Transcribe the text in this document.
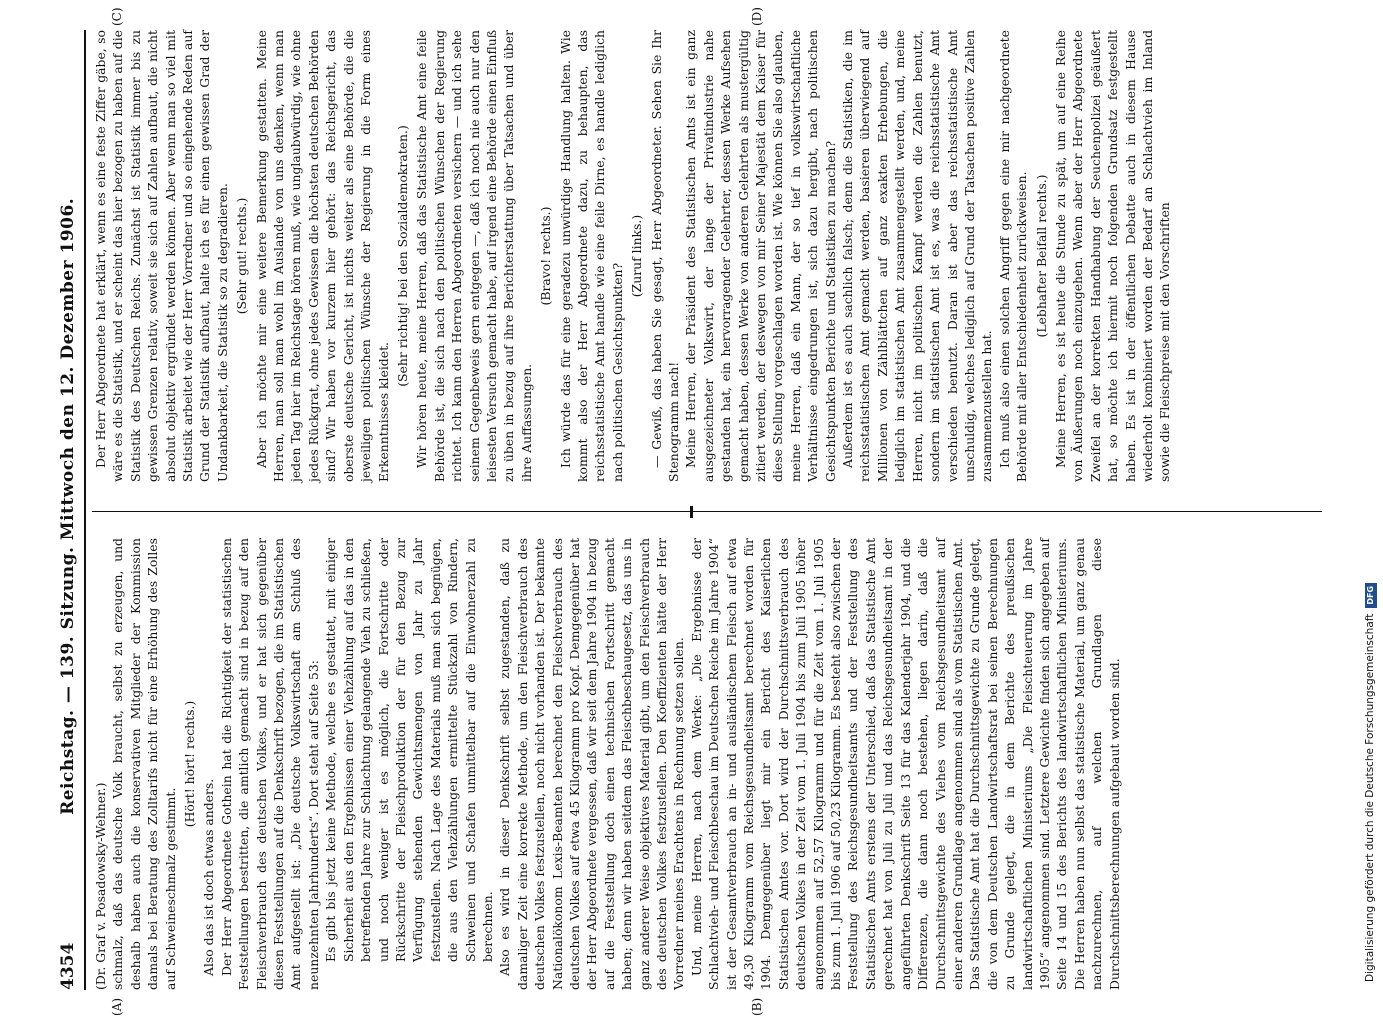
4354
Reichstag. — 139. Sitzung. Mittwoch den 12. Dezember 1906.
(A)	(B)
(C)	(D)

(Dr. Graf v. Posadowsky-Wehner.) schmalz, daß das deutsche Volk braucht, selbst zu erzeugen, und deshalb haben auch die konservativen Mitglieder der Kommission damals bei Beratung des Zolltarifs nicht für eine Erhöhung des Zolles auf Schweineschmalz gestimmt.

(Hört! hört! rechts.)

Also das ist doch etwas anders. Der Herr Abgeordnete Gothein hat die Richtigkeit der statistischen Feststellungen bestritten, die amtlich gemacht sind in bezug auf den Fleischverbrauch des deutschen Volkes, und er hat sich gegenüber diesen Feststellungen auf die Denkschrift bezogen, die im Statistischen Amt aufgestellt ist: „Die deutsche Volkswirtschaft am Schluß des neunzehnten Jahrhunderts“. Dort steht auf Seite 53: Es gibt bis jetzt keine Methode, welche es gestattet, mit einiger Sicherheit aus den Ergebnissen einer Viehzählung auf das in den betreffenden Jahre zur Schlachtung gelangende Vieh zu schließen, und noch weniger ist es möglich, die Fortschritte oder Rückschritte der Fleischproduktion der für den Bezug zur Verfügung stehenden Gewichtsmengen von Jahr zu Jahr festzustellen. Nach Lage des Materials muß man sich begnügen, die aus den Viehzählungen ermittelte Stückzahl von Rindern, Schweinen und Schafen unmittelbar auf die Einwohnerzahl zu berechnen. Also es wird in dieser Denkschrift selbst zugestanden, daß zu damaliger Zeit eine korrekte Methode, um den Fleischverbrauch des deutschen Volkes festzustellen, noch nicht vorhanden ist. Der bekannte Nationalökonom Lexis-Beamten berechnet den Fleischverbrauch des deutschen Volkes auf etwa 45 Kilogramm pro Kopf. Demgegenüber hat der Herr Abgeordnete vergessen, daß wir seit dem Jahre 1904 in bezug auf die Feststellung doch einen technischen Fortschritt gemacht haben; denn wir haben seitdem das Fleischbeschaugesetz, das uns in ganz anderer Weise objektives Material gibt, um den Fleischverbrauch des deutschen Volkes festzustellen. Den Koeffizienten hätte der Herr Vorredner meines Erachtens in Rechnung setzen sollen. Und, meine Herren, nach dem Werke: „Die Ergebnisse der Schlachtvieh- und Fleischbeschau im Deutschen Reiche im Jahre 1904“ ist der Gesamtverbrauch an in- und ausländischem Fleisch auf etwa 49,30 Kilogramm vom Reichsgesundheitsamt berechnet worden für 1904. Demgegenüber liegt mir ein Bericht des Kaiserlichen Statistischen Amtes vor. Dort wird der Durchschnittsverbrauch des deutschen Volkes in der Zeit vom 1. Juli 1904 bis zum Juli 1905 höher angenommen auf 52,57 Kilogramm und für die Zeit vom 1. Juli 1905 bis zum 1. Juli 1906 auf 50,23 Kilogramm. Es besteht also zwischen der Feststellung des Reichsgesundheitsamts und der Feststellung des Statistischen Amts erstens der Unterschied, daß das Statistische Amt gerechnet hat von Juli zu Juli und das Reichsgesundheitsamt in der angeführten Denkschrift Seite 13 für das Kalenderjahr 1904, und die Differenzen, die dann noch bestehen, liegen darin, daß die Durchschnittsgewichte des Viehes vom Reichsgesundheitsamt auf einer anderen Grundlage angenommen sind als vom Statistischen Amt. Das Statistische Amt hat die Durchschnittsgewichte zu Grunde gelegt, die von dem Deutschen Landwirtschaftsrat bei seinen Berechnungen zu Grunde gelegt, die in dem Berichte des preußischen landwirtschaftlichen Ministeriums „Die Fleischteuerung im Jahre 1905“ angenommen sind. Letztere Gewichte finden sich angegeben auf Seite 14 und 15 des Berichts des landwirtschaftlichen Ministeriums. Die Herren haben nun selbst das statistische Material, um ganz genau nachzurechnen, auf welchen Grundlagen diese Durchschnittsberechnungen aufgebaut worden sind.

Der Herr Abgeordnete hat erklärt, wenn es eine feste Ziffer gäbe, so wäre es die Statistik, und er scheint das hier bezogen zu haben auf die Statistik des Deutschen Reichs. Zunächst ist Statistik immer bis zu gewissen Grenzen relativ, soweit sie sich auf Zahlen aufbaut, die nicht absolut objektiv ergründet werden können. Aber wenn man so viel mit Statistik arbeitet wie der Herr Vorredner und so eingehende Reden auf Grund der Statistik aufbaut, halte ich es für einen gewissen Grad der Undankbarkeit, die Statistik so zu degradieren. (Sehr gut! rechts.) Aber ich möchte mir eine weitere Bemerkung gestatten. Meine Herren, man soll man wohl im Auslande von uns denken, wenn man jeden Tag hier im Reichstage hören muß, wie unglaubwürdig, wie ohne jedes Rückgrat, ohne jedes Gewissen die höchsten deutschen Behörden sind? Wir haben vor kurzem hier gehört: das Reichsgericht, das oberste deutsche Gericht, ist nichts weiter als eine Behörde, die die jeweiligen politischen Wünsche der Regierung in die Form eines Erkenntnisses kleidet.

(Sehr richtig! bei den Sozialdemokraten.) Wir hören heute, meine Herren, daß das Statistische Amt eine feile Behörde ist, die sich nach den politischen Wünschen der Regierung richtet. Ich kann den Herren Abgeordneten versichern — und ich sehe seinem Gegenbeweis gern entgegen —, daß ich noch nie auch nur den leisesten Versuch gemacht habe, auf irgend eine Behörde einen Einfluß zu üben in bezug auf ihre Berichterstattung über Tatsachen und über ihre Auffassungen.

(Bravo! rechts.) Ich würde das für eine geradezu unwürdige Handlung halten. Wie kommt also der Herr Abgeordnete dazu, zu behaupten, das reichsstatistische Amt handle wie eine feile Dirne, es handle lediglich nach politischen Gesichtspunkten?

(Zuruf links.) — Gewiß, das haben Sie gesagt, Herr Abgeordneter. Sehen Sie Ihr Stenogramm nach! Meine Herren, der Präsident des Statistischen Amts ist ein ganz ausgezeichneter Volkswirt, der lange der Privatindustrie nahe gestanden hat, ein hervorragender Gelehrter, dessen Werke Aufsehen gemacht haben, dessen Werke von anderen Gelehrten als mustergültig zitiert werden, der deswegen von mir Seiner Majestät dem Kaiser für diese Stellung vorgeschlagen worden ist. Wie können Sie also glauben, meine Herren, daß ein Mann, der so tief in volkswirtschaftliche Verhältnisse eingedrungen ist, sich dazu hergibt, nach politischen Gesichtspunkten Berichte und Statistiken zu machen? Außerdem ist es auch sachlich falsch; denn die Statistiken, die im reichsstatistischen Amt gemacht werden, basieren überwiegend auf Millionen von Zählblättchen auf ganz exakten Erhebungen, die lediglich im statistischen Amt zusammengestellt werden, und, meine Herren, nicht im politischen Kampf werden die Zahlen benutzt, sondern im statistischen Amt ist es, was die reichsstatistische Amt verschieden benutzt. Daran ist aber das reichsstatistische Amt unschuldig, welches lediglich auf Grund der Tatsachen positive Zahlen zusammenzustellen hat. Ich muß also einen solchen Angriff gegen eine mir nachgeordnete Behörde mit aller Entschiedenheit zurückweisen. (Lebhafter Beifall rechts.) Meine Herren, es ist heute die Stunde zu spät, um auf eine Reihe von Äußerungen noch einzugehen. Wenn aber der Herr Abgeordnete Zweifel an der korrekten Handhabung der Seuchenpolizei geäußert hat, so möchte ich hiermit noch folgenden Grundsatz festgestellt haben. Es ist in der öffentlichen Debatte auch in diesem Hause wiederholt kombiniert worden der Bedarf an Schlachtvieh im Inland sowie die Fleischpreise mit den Vorschriften

Digitalisierung gefördert durch die Deutsche ForschungsgemeinschaftDFG
